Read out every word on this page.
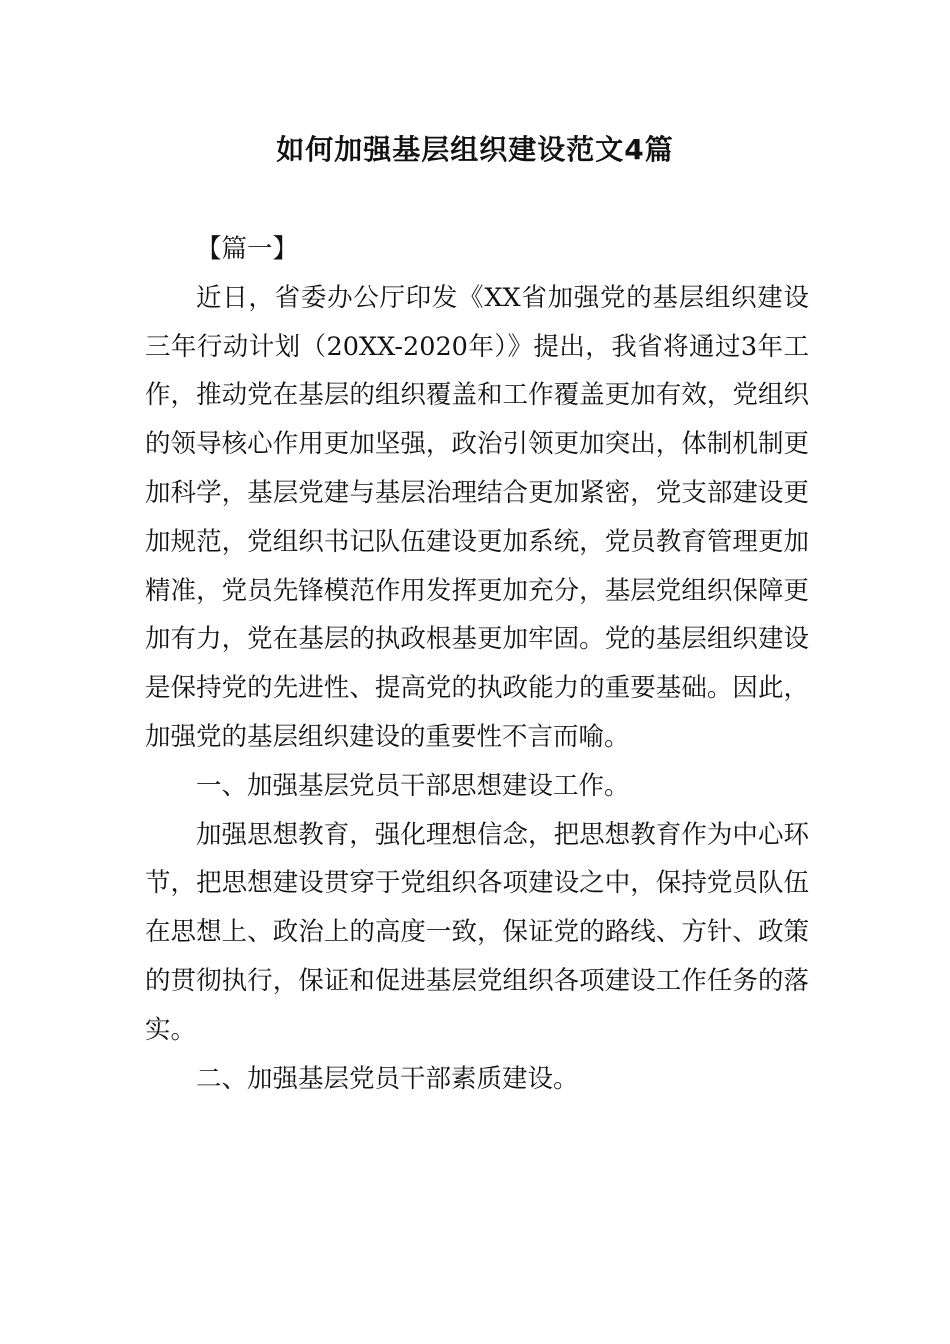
如何加强基层组织建设范文4篇

【篇一】

近日，省委办公厅印发《XX省加强党的基层组织建设三年行动计划（20XX-2020年）》提出，我省将通过3年工作，推动党在基层的组织覆盖和工作覆盖更加有效，党组织的领导核心作用更加坚强，政治引领更加突出，体制机制更加科学，基层党建与基层治理结合更加紧密，党支部建设更加规范，党组织书记队伍建设更加系统，党员教育管理更加精准，党员先锋模范作用发挥更加充分，基层党组织保障更加有力，党在基层的执政根基更加牢固。党的基层组织建设是保持党的先进性、提高党的执政能力的重要基础。因此，加强党的基层组织建设的重要性不言而喻。

一、加强基层党员干部思想建设工作。

加强思想教育，强化理想信念，把思想教育作为中心环节，把思想建设贯穿于党组织各项建设之中，保持党员队伍在思想上、政治上的高度一致，保证党的路线、方针、政策的贯彻执行，保证和促进基层党组织各项建设工作任务的落实。

二、加强基层党员干部素质建设。
